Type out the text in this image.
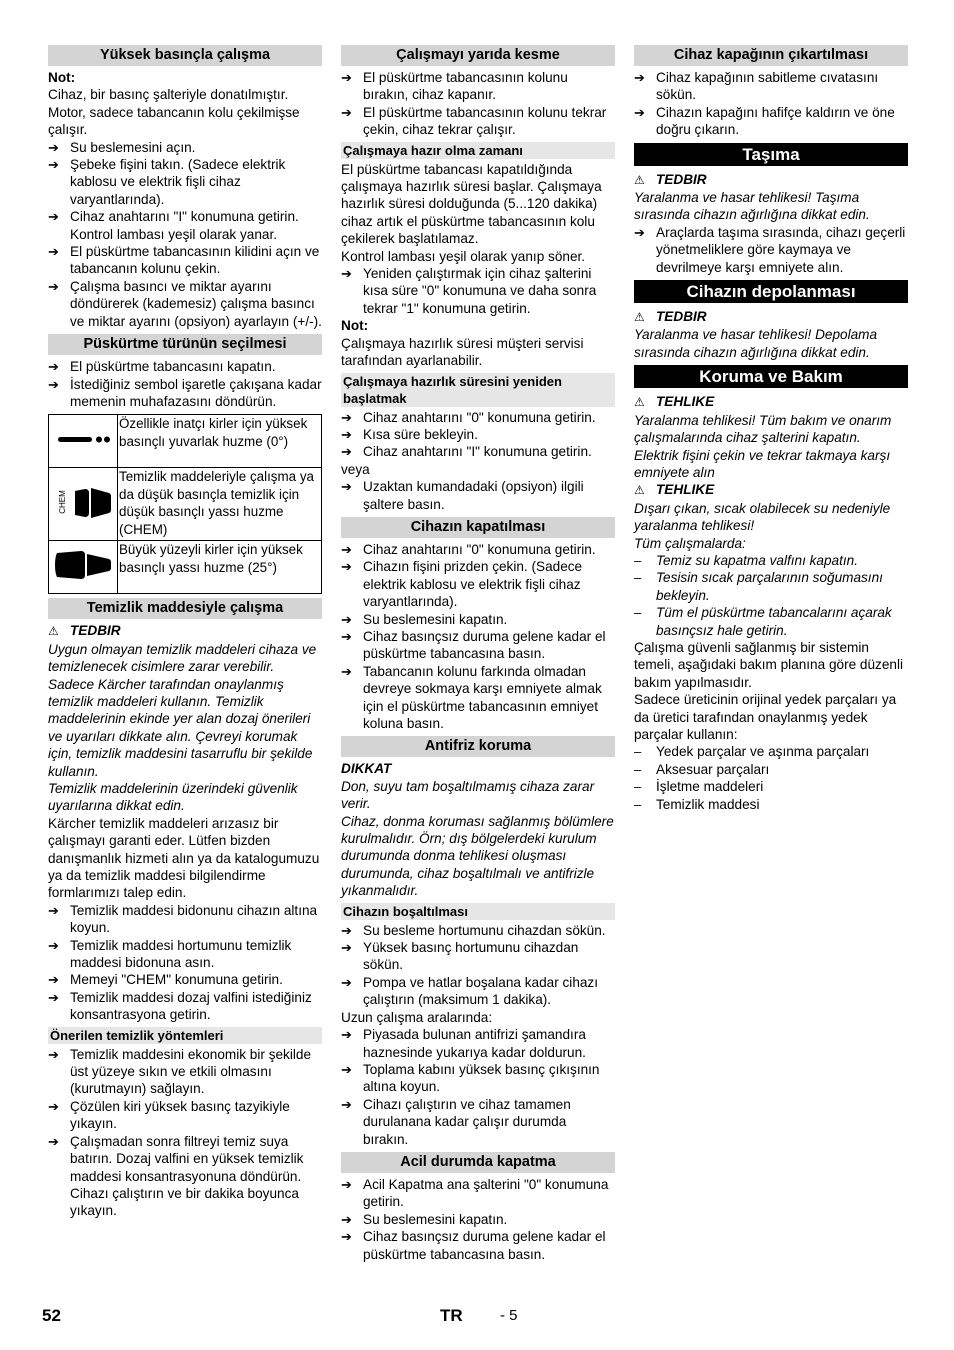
Yüksek basınçla çalışma

Not:

Cihaz, bir basınç şalteriyle donatılmıştır. Motor, sadece tabancanın kolu çekilmişse çalışır.

➔ Su beslemesini açın.
➔ Şebeke fişini takın. (Sadece elektrik kablosu ve elektrik fişli cihaz varyantlarında).
➔ Cihaz anahtarını "I" konumuna getirin. Kontrol lambası yeşil olarak yanar.
➔ El püskürtme tabancasının kilidini açın ve tabancanın kolunu çekin.
➔ Çalışma basıncı ve miktar ayarını döndürerek (kademesiz) çalışma basıncı ve miktar ayarını (opsiyon) ayarlayın (+/-).
Püskürtme türünün seçilmesi
➔ El püskürtme tabancasını kapatın.
➔ İstediğiniz sembol işaretle çakışana kadar memenin muhafazasını döndürün.
	Özellikle inatçı kirler için yüksek basınçlı yuvarlak huzme (0°)

CHEM	Temizlik maddeleriyle çalışma ya da düşük basınçla temizlik için düşük basınçlı yassı huzme (CHEM)
	Büyük yüzeyli kirler için yüksek basınçlı yassı huzme (25°)
Temizlik maddesiyle çalışma
⚠ TEDBIR

Uygun olmayan temizlik maddeleri cihaza ve temizlenecek cisimlere zarar verebilir. Sadece Kärcher tarafından onaylanmış temizlik maddeleri kullanın. Temizlik maddelerinin ekinde yer alan dozaj önerileri ve uyarıları dikkate alın. Çevreyi korumak için, temizlik maddesini tasarruflu bir şekilde kullanın.

Temizlik maddelerinin üzerindeki güvenlik uyarılarına dikkat edin.

Kärcher temizlik maddeleri arızasız bir çalışmayı garanti eder. Lütfen bizden danışmanlık hizmeti alın ya da katalogumuzu ya da temizlik maddesi bilgilendirme formlarımızı talep edin.

➔ Temizlik maddesi bidonunu cihazın altına koyun.
➔ Temizlik maddesi hortumunu temizlik maddesi bidonuna asın.
➔ Memeyi "CHEM" konumuna getirin.
➔ Temizlik maddesi dozaj valfini istediğiniz konsantrasyona getirin.
Önerilen temizlik yöntemleri
➔ Temizlik maddesini ekonomik bir şekilde üst yüzeye sıkın ve etkili olmasını (kurutmayın) sağlayın.
➔ Çözülen kiri yüksek basınç tazyikiyle yıkayın.
➔ Çalışmadan sonra filtreyi temiz suya batırın. Dozaj valfini en yüksek temizlik maddesi konsantrasyonuna döndürün. Cihazı çalıştırın ve bir dakika boyunca yıkayın.
Çalışmayı yarıda kesme
➔ El püskürtme tabancasının kolunu bırakın, cihaz kapanır.
➔ El püskürtme tabancasının kolunu tekrar çekin, cihaz tekrar çalışır.
Çalışmaya hazır olma zamanı

El püskürtme tabancası kapatıldığında çalışmaya hazırlık süresi başlar. Çalışmaya hazırlık süresi dolduğunda (5...120 dakika) cihaz artık el püskürtme tabancasının kolu çekilerek başlatılamaz.

Kontrol lambası yeşil olarak yanıp söner.

➔ Yeniden çalıştırmak için cihaz şalterini kısa süre "0" konumuna ve daha sonra tekrar "1" konumuna getirin.

Not:

Çalışmaya hazırlık süresi müşteri servisi tarafından ayarlanabilir.

Çalışmaya hazırlık süresini yeniden başlatmak
➔ Cihaz anahtarını "0" konumuna getirin.
➔ Kısa süre bekleyin.
➔ Cihaz anahtarını "I" konumuna getirin.

veya

➔ Uzaktan kumandadaki (opsiyon) ilgili şaltere basın.
Cihazın kapatılması
➔ Cihaz anahtarını "0" konumuna getirin.
➔ Cihazın fişini prizden çekin. (Sadece elektrik kablosu ve elektrik fişli cihaz varyantlarında).
➔ Su beslemesini kapatın.
➔ Cihaz basınçsız duruma gelene kadar el püskürtme tabancasına basın.
➔ Tabancanın kolunu farkında olmadan devreye sokmaya karşı emniyete almak için el püskürtme tabancasının emniyet koluna basın.
Antifriz koruma

DIKKAT

Don, suyu tam boşaltılmamış cihaza zarar verir.

Cihaz, donma koruması sağlanmış bölümlere kurulmalıdır. Örn; dış bölgelerdeki kurulum durumunda donma tehlikesi oluşması durumunda, cihaz boşaltılmalı ve antifrizle yıkanmalıdır.

Cihazın boşaltılması
➔ Su besleme hortumunu cihazdan sökün.
➔ Yüksek basınç hortumunu cihazdan sökün.
➔ Pompa ve hatlar boşalana kadar cihazı çalıştırın (maksimum 1 dakika).

Uzun çalışma aralarında:

➔ Piyasada bulunan antifrizi şamandıra haznesinde yukarıya kadar doldurun.
➔ Toplama kabını yüksek basınç çıkışının altına koyun.
➔ Cihazı çalıştırın ve cihaz tamamen durulanana kadar çalışır durumda bırakın.
Acil durumda kapatma
➔ Acil Kapatma ana şalterini "0" konumuna getirin.
➔ Su beslemesini kapatın.
➔ Cihaz basınçsız duruma gelene kadar el püskürtme tabancasına basın.
Cihaz kapağının çıkartılması
➔ Cihaz kapağının sabitleme cıvatasını sökün.
➔ Cihazın kapağını hafifçe kaldırın ve öne doğru çıkarın.
Taşıma
⚠ TEDBIR

Yaralanma ve hasar tehlikesi! Taşıma sırasında cihazın ağırlığına dikkat edin.

➔ Araçlarda taşıma sırasında, cihazı geçerli yönetmeliklere göre kaymaya ve devrilmeye karşı emniyete alın.
Cihazın depolanması
⚠ TEDBIR

Yaralanma ve hasar tehlikesi! Depolama sırasında cihazın ağırlığına dikkat edin.

Koruma ve Bakım
⚠ TEHLIKE

Yaralanma tehlikesi! Tüm bakım ve onarım çalışmalarında cihaz şalterini kapatın.

Elektrik fişini çekin ve tekrar takmaya karşı emniyete alın

⚠ TEHLIKE

Dışarı çıkan, sıcak olabilecek su nedeniyle yaralanma tehlikesi!

Tüm çalışmalarda:

–	Temiz su kapatma valfını kapatın.
–	Tesisin sıcak parçalarının soğumasını bekleyin.
–	Tüm el püskürtme tabancalarını açarak basınçsız hale getirin.

Çalışma güvenli sağlanmış bir sistemin temeli, aşağıdaki bakım planına göre düzenli bakım yapılmasıdır.

Sadece üreticinin orijinal yedek parçaları ya da üretici tarafından onaylanmış yedek parçalar kullanın:

–	Yedek parçalar ve aşınma parçaları
–	Aksesuar parçaları
–	İşletme maddeleri
–	Temizlik maddesi
52	TR - 5
